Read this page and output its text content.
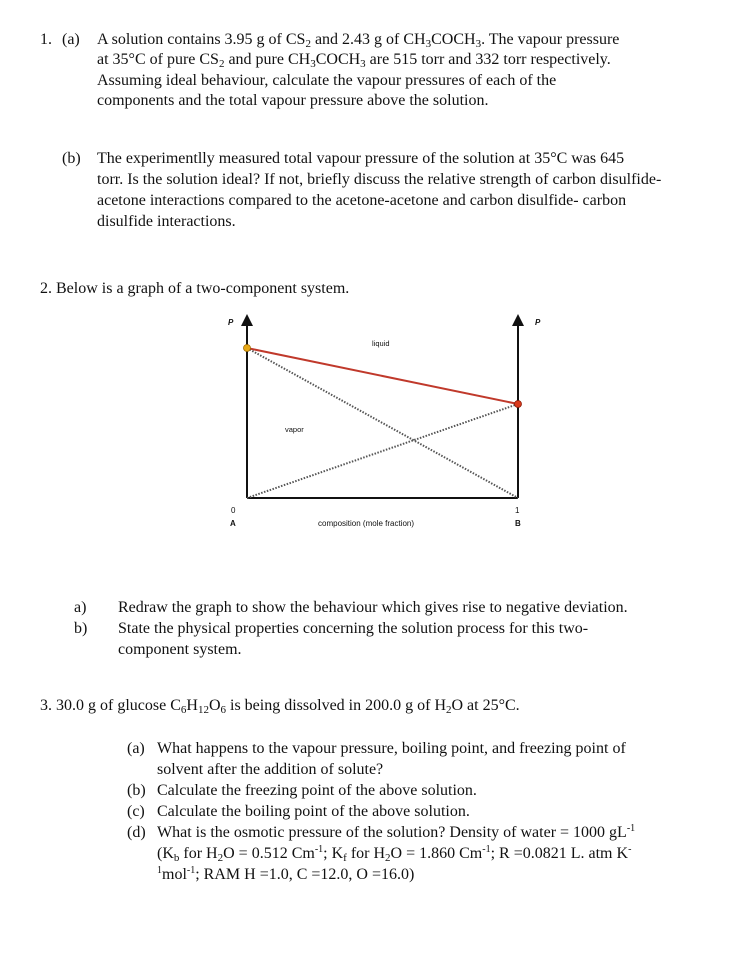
1. (a) A solution contains 3.95 g of $CS_2$ and 2.43 g of $CH_3COCH_3$. The vapour pressure
at 35°C of pure $CS_2$ and pure $CH_3COCH_3$ are 515 torr and 332 torr respectively.
Assuming ideal behaviour, calculate the vapour pressures of each of the
components and the total vapour pressure above the solution.
(b) The experimentlly measured total vapour pressure of the solution at 35°C was 645
torr. Is the solution ideal? If not, briefly discuss the relative strength of carbon disulfide-
acetone interactions compared to the acetone-acetone and carbon disulfide- carbon
disulfide interactions.
2. Below is a graph of a two-component system.
P	P
liquid
vapor
0	1
A	B
composition (mole fraction)
a) Redraw the graph to show the behaviour which gives rise to negative deviation.
b) State the physical properties concerning the solution process for this two-
component system.
3. 30.0 g of glucose $C_6H_{12}O_6$ is being dissolved in 200.0 g of $H_2O$ at 25°C.
(a) What happens to the vapour pressure, boiling point, and freezing point of
solvent after the addition of solute?
(b) Calculate the freezing point of the above solution.
(c) Calculate the boiling point of the above solution.
(d) What is the osmotic pressure of the solution? Density of water = 1000 $gL^{-1}$
($K_b$ for $H_2O = 0.512$ $Cm^{-1}$; $K_f$ for $H_2O = 1.860$ $Cm^{-1}$; R =0.0821 L. atm K-
$^1$mol$^{-1}$; RAM H =1.0, C =12.0, O =16.0)
